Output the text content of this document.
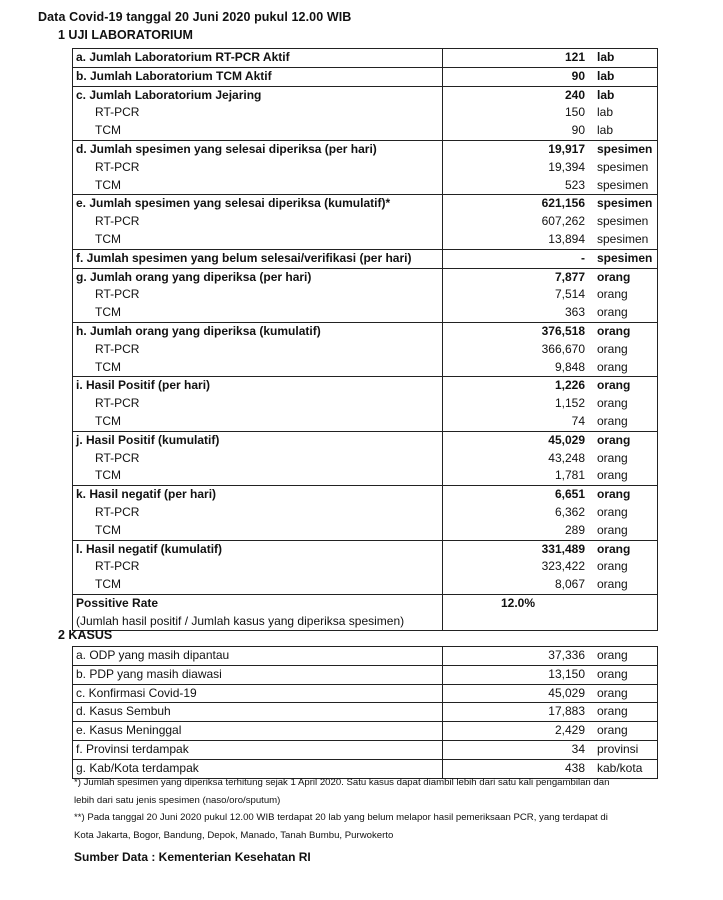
Data Covid-19 tanggal 20 Juni 2020 pukul 12.00 WIB
1 UJI LABORATORIUM
a. Jumlah Laboratorium RT-PCR Aktif	121	lab
b. Jumlah Laboratorium TCM Aktif	90	lab
c. Jumlah Laboratorium Jejaring	240	lab
RT-PCR	150	lab
TCM	90	lab
d. Jumlah spesimen yang selesai diperiksa (per hari)	19,917	spesimen
RT-PCR	19,394	spesimen
TCM	523	spesimen
e. Jumlah spesimen yang selesai diperiksa (kumulatif)*	621,156	spesimen
RT-PCR	607,262	spesimen
TCM	13,894	spesimen
f. Jumlah spesimen yang belum selesai/verifikasi (per hari)	-	spesimen
g. Jumlah orang yang diperiksa (per hari)	7,877	orang
RT-PCR	7,514	orang
TCM	363	orang
h. Jumlah orang yang diperiksa (kumulatif)	376,518	orang
RT-PCR	366,670	orang
TCM	9,848	orang
i. Hasil Positif (per hari)	1,226	orang
RT-PCR	1,152	orang
TCM	74	orang
j. Hasil Positif (kumulatif)	45,029	orang
RT-PCR	43,248	orang
TCM	1,781	orang
k. Hasil negatif (per hari)	6,651	orang
RT-PCR	6,362	orang
TCM	289	orang
l. Hasil negatif (kumulatif)	331,489	orang
RT-PCR	323,422	orang
TCM	8,067	orang
Possitive Rate	12.0%	
(Jumlah hasil positif / Jumlah kasus yang diperiksa spesimen)		
2 KASUS
a. ODP yang masih dipantau	37,336	orang
b. PDP yang masih diawasi	13,150	orang
c. Konfirmasi Covid-19	45,029	orang
d. Kasus Sembuh	17,883	orang
e. Kasus Meninggal	2,429	orang
f. Provinsi terdampak	34	provinsi
g. Kab/Kota terdampak	438	kab/kota
*) Jumlah spesimen yang diperiksa terhitung sejak 1 April 2020. Satu kasus dapat diambil lebih dari satu kali pengambilan dan
lebih dari satu jenis spesimen (naso/oro/sputum)
**) Pada tanggal 20 Juni 2020 pukul 12.00 WIB terdapat 20 lab yang belum melapor hasil pemeriksaan PCR, yang terdapat di
Kota Jakarta, Bogor, Bandung, Depok, Manado, Tanah Bumbu, Purwokerto
Sumber Data : Kementerian Kesehatan RI
